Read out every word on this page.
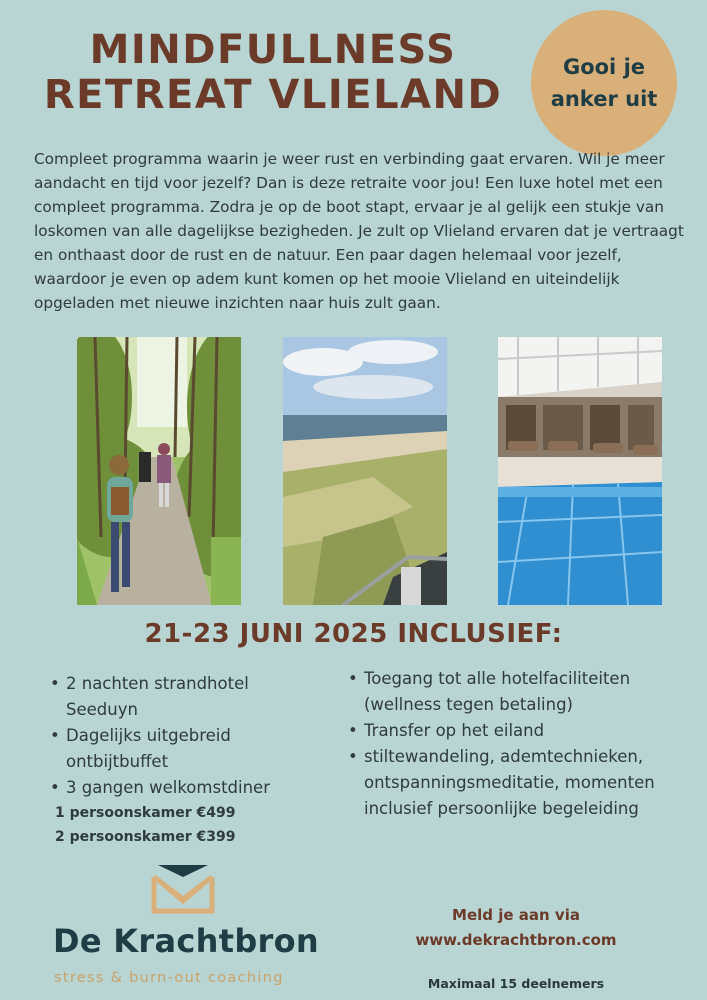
MINDFULLNESS
RETREAT VLIELAND
Gooi je
anker uit

Compleet programma waarin je weer rust en verbinding gaat ervaren. Wil je meer aandacht en tijd voor jezelf? Dan is deze retraite voor jou! Een luxe hotel met een compleet programma. Zodra je op de boot stapt, ervaar je al gelijk een stukje van loskomen van alle dagelijkse bezigheden. Je zult op Vlieland ervaren dat je vertraagt en onthaast door de rust en de natuur. Een paar dagen helemaal voor jezelf, waardoor je even op adem kunt komen op het mooie Vlieland en uiteindelijk opgeladen met nieuwe inzichten naar huis zult gaan.

21-23 JUNI 2025 INCLUSIEF:
• 2 nachten strandhotel Seeduyn
• Dagelijks uitgebreid ontbijtbuffet
• 3 gangen welkomstdiner
1 persoonskamer €499
2 persoonskamer €399
• Toegang tot alle hotelfaciliteiten (wellness tegen betaling)
• Transfer op het eiland
• stiltewandeling, ademtechnieken, ontspanningsmeditatie, momenten inclusief persoonlijke begeleiding
De Krachtbron
stress & burn-out coaching
Meld je aan via
www.dekrachtbron.com
Maximaal 15 deelnemers
